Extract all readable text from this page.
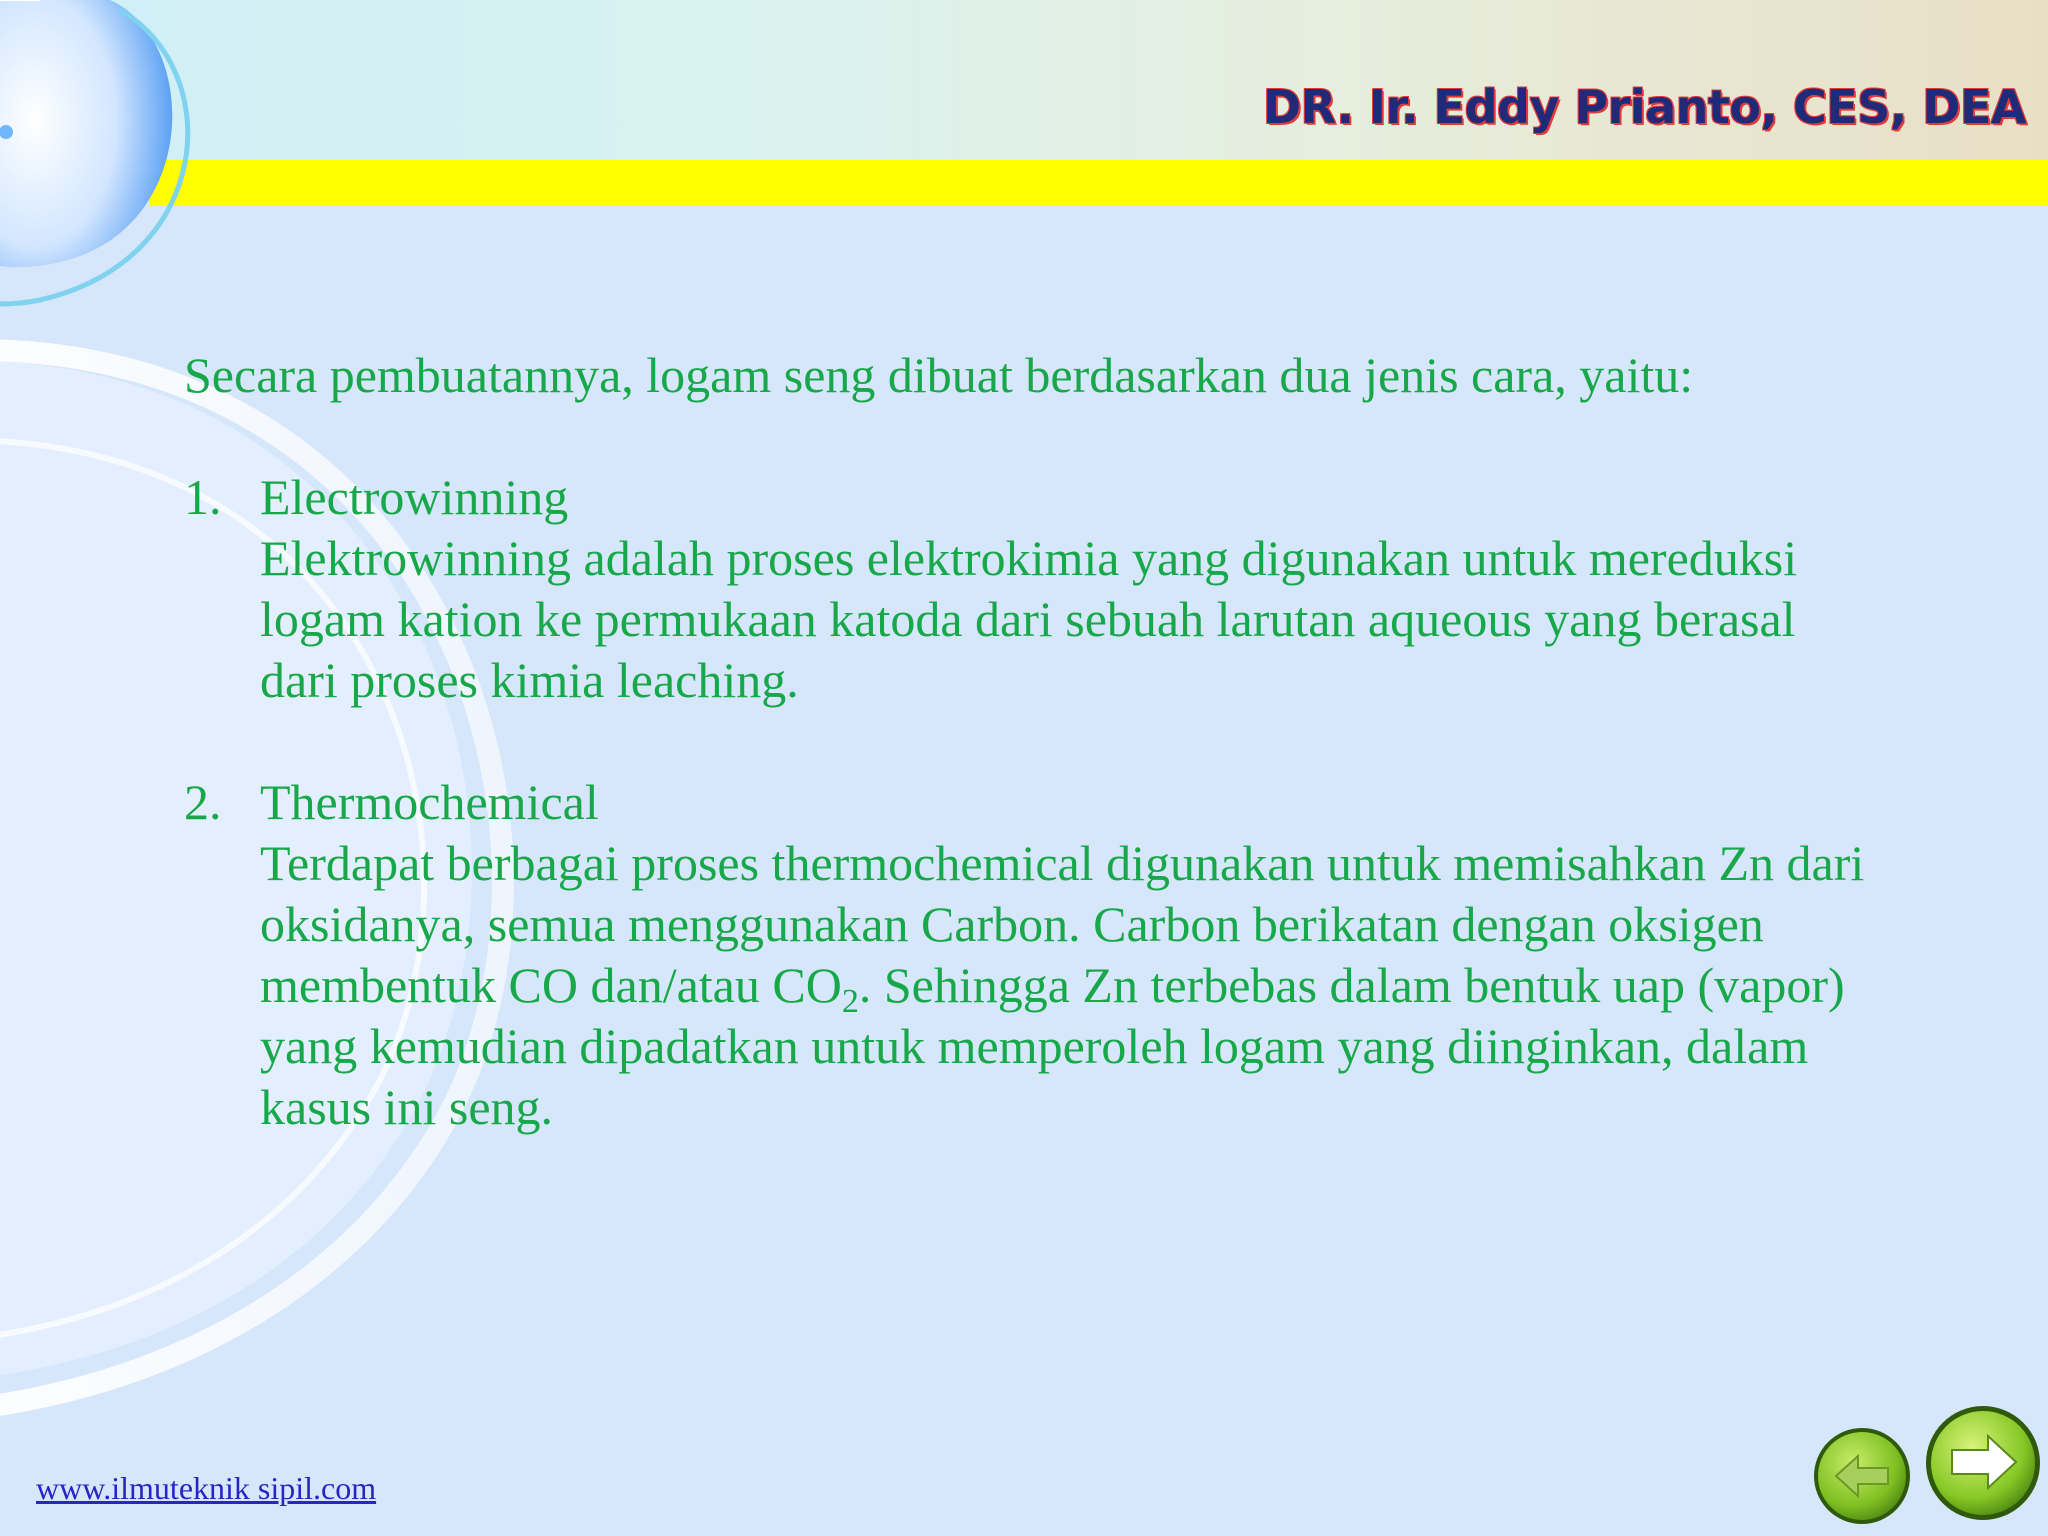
DR. Ir. Eddy Prianto, CES, DEA

Secara pembuatannya, logam seng dibuat berdasarkan dua jenis cara, yaitu:

1. Electrowinning
Elektrowinning adalah proses elektrokimia yang digunakan untuk mereduksi logam kation ke permukaan katoda dari sebuah larutan aqueous yang berasal dari proses kimia leaching.
2. Thermochemical
Terdapat berbagai proses thermochemical digunakan untuk memisahkan Zn dari oksidanya, semua menggunakan Carbon. Carbon berikatan dengan oksigen membentuk CO dan/atau $CO_2$. Sehingga Zn terbebas dalam bentuk uap (vapor) yang kemudian dipadatkan untuk memperoleh logam yang diinginkan, dalam kasus ini seng.
www.ilmuteknik sipil.com
